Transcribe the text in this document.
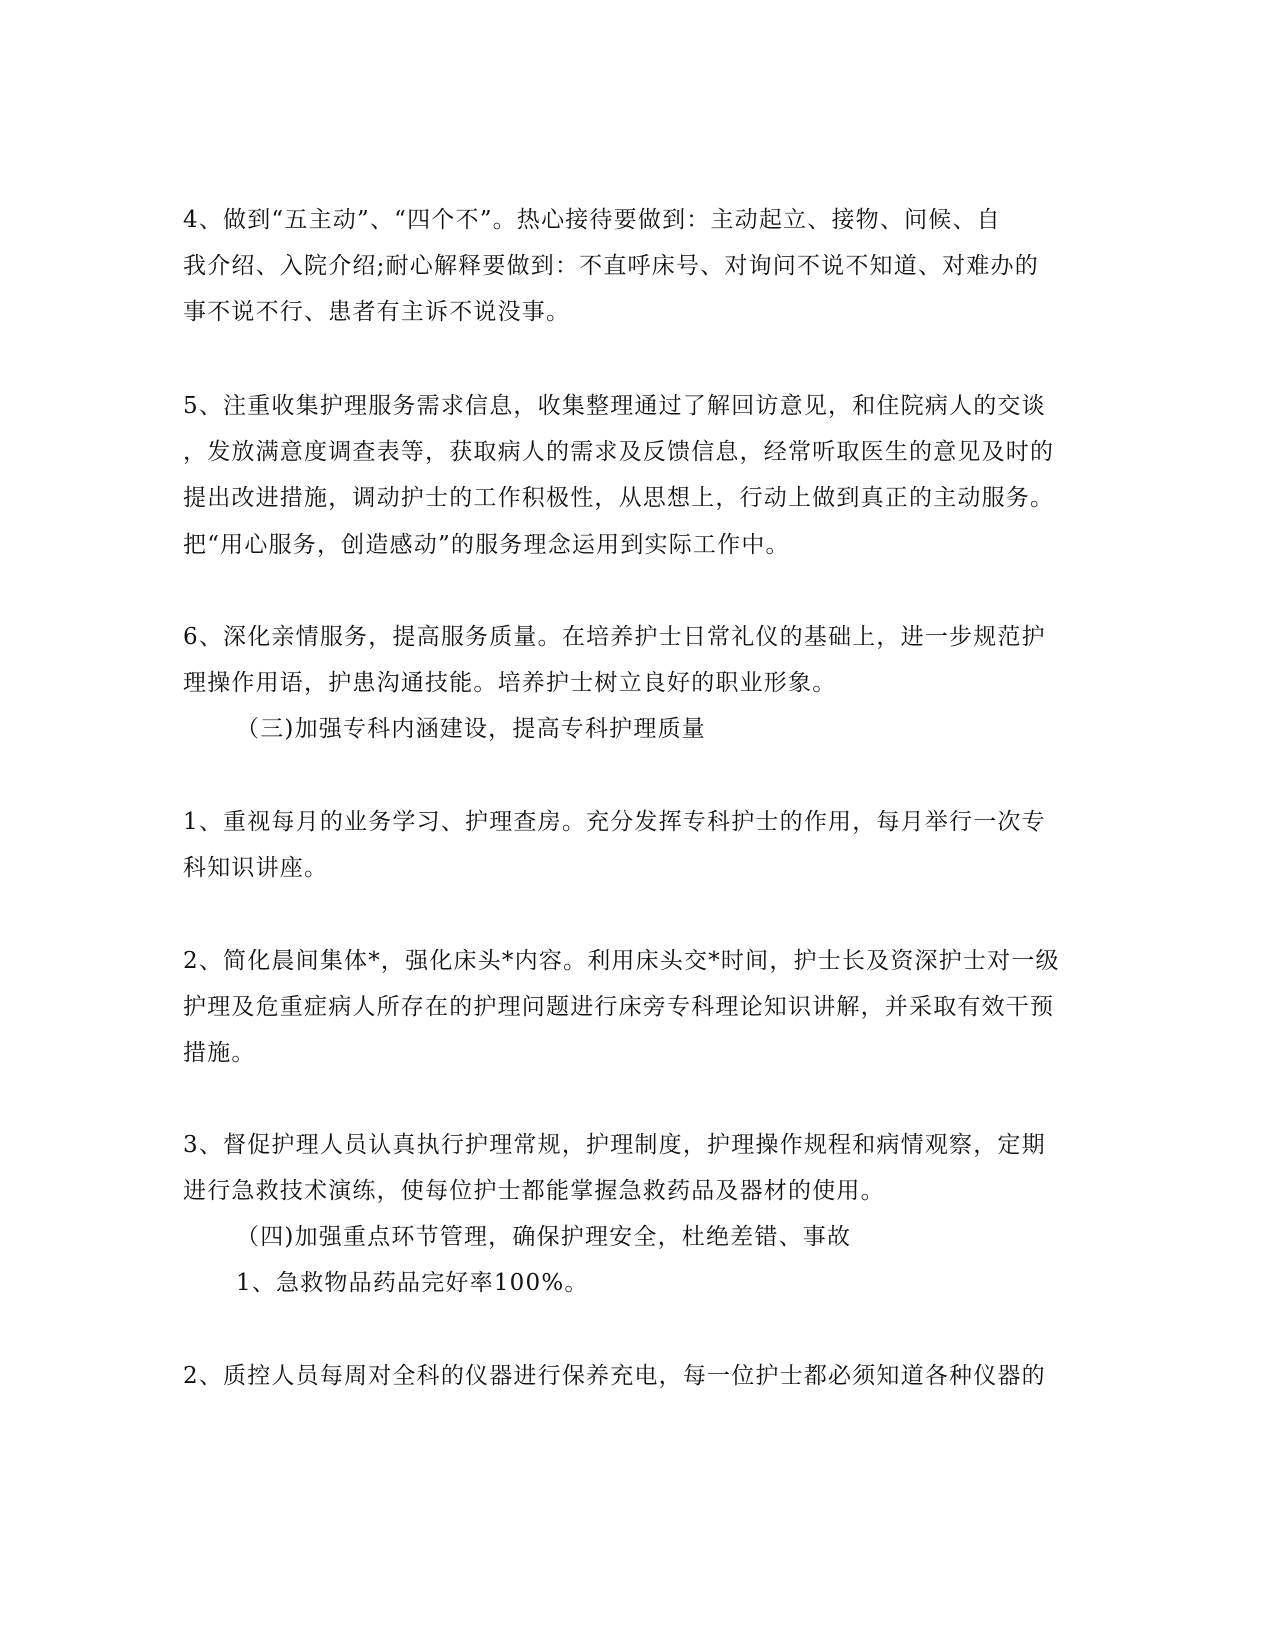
4、做到“五主动”、“四个不”。热心接待要做到：主动起立、接物、问候、自
我介绍、入院介绍;耐心解释要做到：不直呼床号、对询问不说不知道、对难办的
事不说不行、患者有主诉不说没事。
5、注重收集护理服务需求信息，收集整理通过了解回访意见，和住院病人的交谈
，发放满意度调查表等，获取病人的需求及反馈信息，经常听取医生的意见及时的
提出改进措施，调动护士的工作积极性，从思想上，行动上做到真正的主动服务。
把“用心服务，创造感动”的服务理念运用到实际工作中。
6、深化亲情服务，提高服务质量。在培养护士日常礼仪的基础上，进一步规范护
理操作用语，护患沟通技能。培养护士树立良好的职业形象。
（三)加强专科内涵建设，提高专科护理质量
1、重视每月的业务学习、护理查房。充分发挥专科护士的作用，每月举行一次专
科知识讲座。
2、简化晨间集体*，强化床头*内容。利用床头交*时间，护士长及资深护士对一级
护理及危重症病人所存在的护理问题进行床旁专科理论知识讲解，并采取有效干预
措施。
3、督促护理人员认真执行护理常规，护理制度，护理操作规程和病情观察，定期
进行急救技术演练，使每位护士都能掌握急救药品及器材的使用。
（四)加强重点环节管理，确保护理安全，杜绝差错、事故
1、急救物品药品完好率100%。
2、质控人员每周对全科的仪器进行保养充电，每一位护士都必须知道各种仪器的
